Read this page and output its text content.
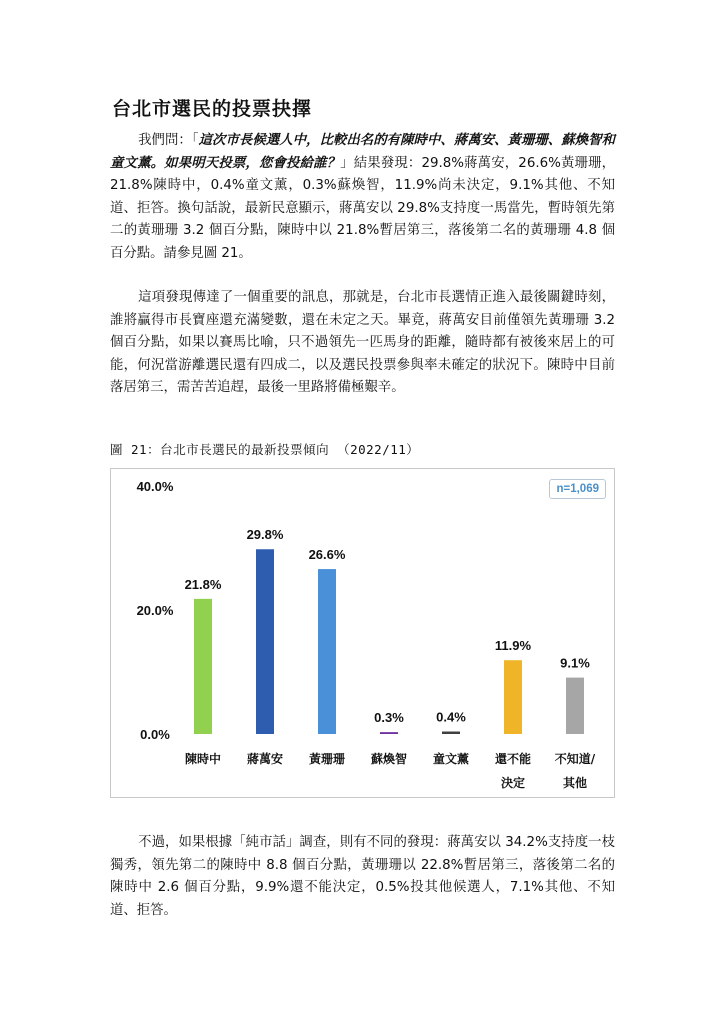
台北市選民的投票抉擇

我們問：「這次市長候選人中，比較出名的有陳時中、蔣萬安、黃珊珊、蘇煥智和童文薰。如果明天投票，您會投給誰？」結果發現：29.8%蔣萬安，26.6%黃珊珊，21.8%陳時中，0.4%童文薰，0.3%蘇煥智，11.9%尚未決定，9.1%其他、不知道、拒答。換句話說，最新民意顯示，蔣萬安以 29.8%支持度一馬當先，暫時領先第二的黃珊珊 3.2 個百分點，陳時中以 21.8%暫居第三，落後第二名的黃珊珊 4.8 個百分點。請參見圖 21。

這項發現傳達了一個重要的訊息，那就是，台北市長選情正進入最後關鍵時刻，誰將贏得市長寶座還充滿變數，還在未定之天。畢竟，蔣萬安目前僅領先黃珊珊 3.2 個百分點，如果以賽馬比喻，只不過領先一匹馬身的距離，隨時都有被後來居上的可能，何況當游離選民還有四成二，以及選民投票參與率未確定的狀況下。陳時中目前落居第三，需苦苦追趕，最後一里路將備極艱辛。

圖 21：台北市長選民的最新投票傾向 （2022/11）

0.0%
20.0%
40.0%
21.8%
陳時中
29.8%
蔣萬安
26.6%
黃珊珊
0.3%
蘇煥智
0.4%
童文薰
11.9%
還不能
決定
9.1%
不知道/
其他
n=1,069

不過，如果根據「純市話」調查，則有不同的發現：蔣萬安以 34.2%支持度一枝獨秀，領先第二的陳時中 8.8 個百分點，黃珊珊以 22.8%暫居第三，落後第二名的陳時中 2.6 個百分點，9.9%還不能決定，0.5%投其他候選人，7.1%其他、不知道、拒答。
